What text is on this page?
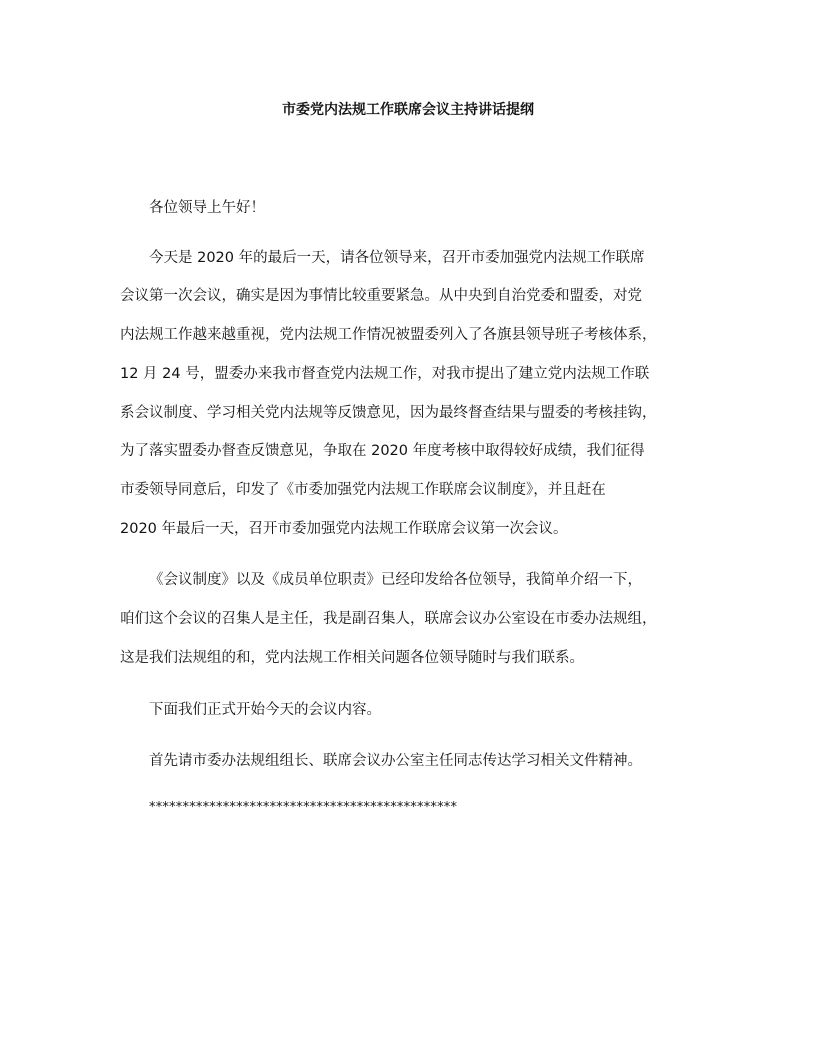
市委党内法规工作联席会议主持讲话提纲

各位领导上午好！

今天是 2020 年的最后一天，请各位领导来，召开市委加强党内法规工作联席

会议第一次会议，确实是因为事情比较重要紧急。从中央到自治党委和盟委，对党

内法规工作越来越重视，党内法规工作情况被盟委列入了各旗县领导班子考核体系，

12 月 24 号，盟委办来我市督查党内法规工作，对我市提出了建立党内法规工作联

系会议制度、学习相关党内法规等反馈意见，因为最终督查结果与盟委的考核挂钩，

为了落实盟委办督查反馈意见，争取在 2020 年度考核中取得较好成绩，我们征得

市委领导同意后，印发了《市委加强党内法规工作联席会议制度》，并且赶在

2020 年最后一天，召开市委加强党内法规工作联席会议第一次会议。

《会议制度》以及《成员单位职责》已经印发给各位领导，我简单介绍一下，

咱们这个会议的召集人是主任，我是副召集人，联席会议办公室设在市委办法规组，

这是我们法规组的和，党内法规工作相关问题各位领导随时与我们联系。

下面我们正式开始今天的会议内容。

首先请市委办法规组组长、联席会议办公室主任同志传达学习相关文件精神。

**********************************************
